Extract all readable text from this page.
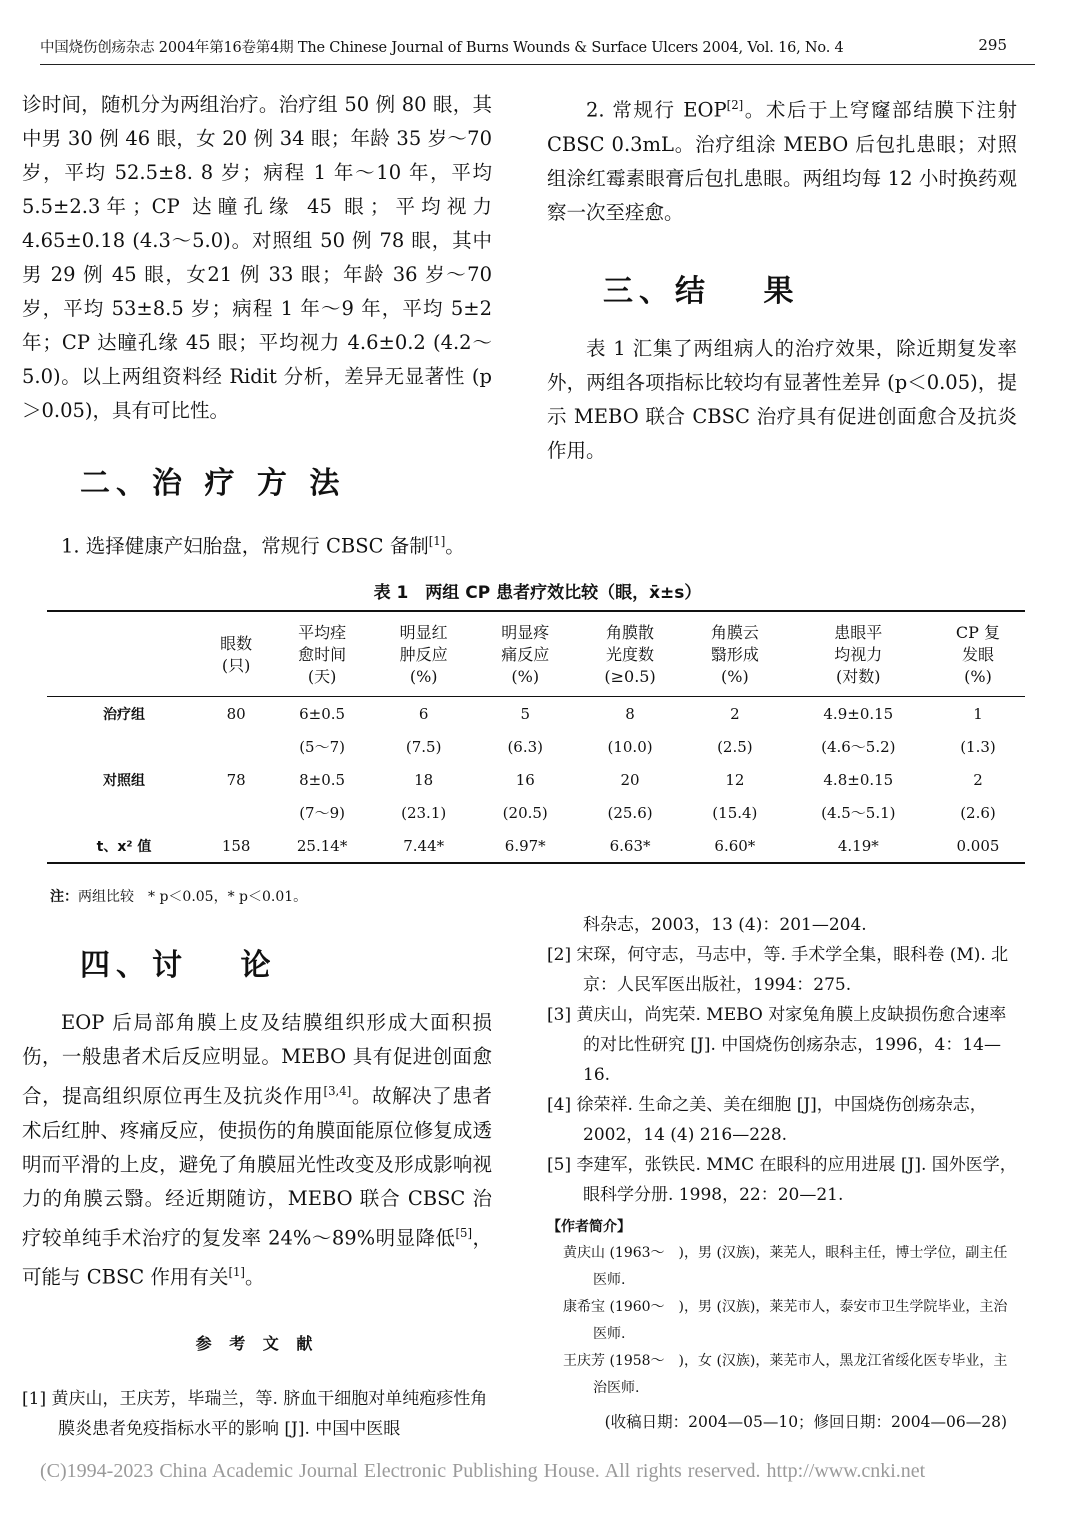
中国烧伤创疡杂志 2004年第16卷第4期 The Chinese Journal of Burns Wounds & Surface Ulcers 2004, Vol. 16, No. 4	295

诊时间，随机分为两组治疗。治疗组 50 例 80 眼，其中男 30 例 46 眼，女 20 例 34 眼；年龄 35 岁～70 岁，平均 52.5±8. 8 岁；病程 1 年～10 年，平均 5.5±2.3年；CP 达瞳孔缘 45 眼；平均视力 4.65±0.18 (4.3～5.0)。对照组 50 例 78 眼，其中男 29 例 45 眼，女21 例 33 眼；年龄 36 岁～70 岁，平均 53±8.5 岁；病程 1 年～9 年，平均 5±2 年；CP 达瞳孔缘 45 眼；平均视力 4.6±0.2 (4.2～5.0)。以上两组资料经 Ridit 分析，差异无显著性 (p＞0.05)，具有可比性。

二、治 疗 方 法

1. 选择健康产妇胎盘，常规行 CBSC 备制[1]。

2. 常规行 EOP[2]。术后于上穹窿部结膜下注射 CBSC 0.3mL。治疗组涂 MEBO 后包扎患眼；对照组涂红霉素眼膏后包扎患眼。两组均每 12 小时换药观察一次至痊愈。

三、结　 果

表 1 汇集了两组病人的治疗效果，除近期复发率外，两组各项指标比较均有显著性差异 (p＜0.05)，提示 MEBO 联合 CBSC 治疗具有促进创面愈合及抗炎作用。

表 1　两组 CP 患者疗效比较（眼，x̄±s）
	眼数
(只)	平均痊
愈时间
(天)	明显红
肿反应
(%)	明显疼
痛反应
(%)	角膜散
光度数
(≥0.5)	角膜云
翳形成
(%)	患眼平
均视力
(对数)	CP 复
发眼
(%)
治疗组	80	6±0.5	6	5	8	2	4.9±0.15	1
		(5～7)	(7.5)	(6.3)	(10.0)	(2.5)	(4.6～5.2)	(1.3)
对照组	78	8±0.5	18	16	20	12	4.8±0.15	2
		(7～9)	(23.1)	(20.5)	(25.6)	(15.4)	(4.5～5.1)	(2.6)
t、x² 值	158	25.14*	7.44*	6.97*	6.63*	6.60*	4.19*	0.005
注：两组比较　* p＜0.05，* p＜0.01。
四、讨　 论

EOP 后局部角膜上皮及结膜组织形成大面积损伤，一般患者术后反应明显。MEBO 具有促进创面愈合，提高组织原位再生及抗炎作用[3,4]。故解决了患者术后红肿、疼痛反应，使损伤的角膜面能原位修复成透明而平滑的上皮，避免了角膜屈光性改变及形成影响视力的角膜云翳。经近期随访，MEBO 联合 CBSC 治疗较单纯手术治疗的复发率 24%～89%明显降低[5]，可能与 CBSC 作用有关[1]。

参 考 文 献

[1] 黄庆山，王庆芳，毕瑞兰，等. 脐血干细胞对单纯疱疹性角膜炎患者免疫指标水平的影响 [J]. 中国中医眼

科杂志，2003，13 (4)：201—204.

[2] 宋琛，何守志，马志中，等. 手术学全集，眼科卷 (M). 北京：人民军医出版社，1994：275.

[3] 黄庆山，尚宪荣. MEBO 对家兔角膜上皮缺损伤愈合速率的对比性研究 [J]. 中国烧伤创疡杂志，1996，4：14—16.

[4] 徐荣祥. 生命之美、美在细胞 [J]，中国烧伤创疡杂志，2002，14 (4) 216—228.

[5] 李建军，张铁民. MMC 在眼科的应用进展 [J]. 国外医学，眼科学分册. 1998，22：20—21.

【作者简介】

黄庆山 (1963～　)，男 (汉族)，莱芜人，眼科主任，博士学位，副主任医师.

康希宝 (1960～　)，男 (汉族)，莱芜市人，泰安市卫生学院毕业，主治医师.

王庆芳 (1958～　)，女 (汉族)，莱芜市人，黑龙江省绥化医专毕业，主治医师.

(收稿日期：2004—05—10；修回日期：2004—06—28)

(C)1994-2023 China Academic Journal Electronic Publishing House. All rights reserved. http://www.cnki.net
